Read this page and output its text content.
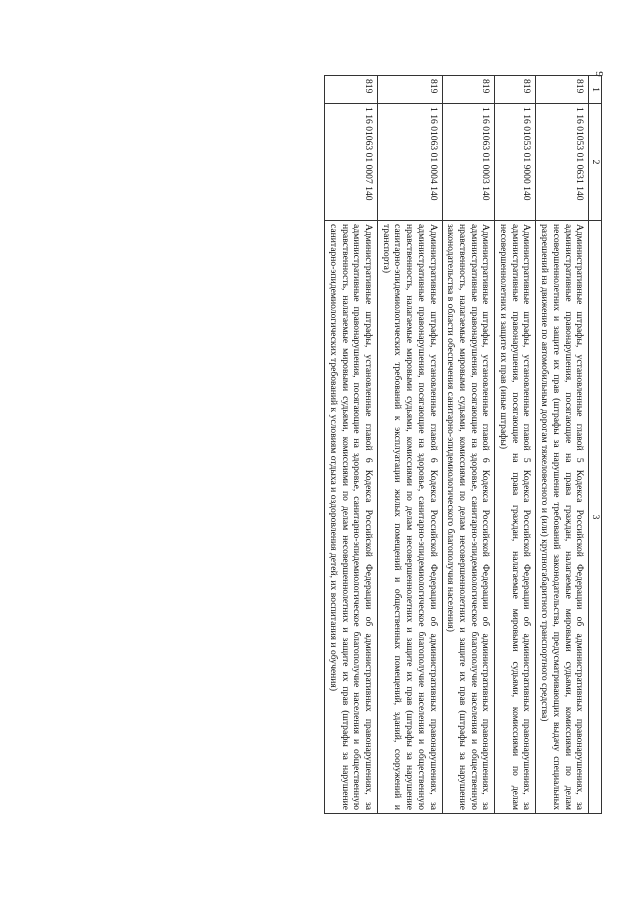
9
1	2	3
819	1 16 01053 01 0631 140	Административные штрафы, установленные главой 5 Кодекса Российской Федерации об административных правонарушениях, за административные правонарушения, посягающие на права граждан, налагаемые мировыми судьями, комиссиями по делам несовершеннолетних и защите их прав (штрафы за нарушение требований законодательства, предусматривающих выдачу специальных разрешений на движение по автомобильным дорогам тяжеловесного и (или) крупногабаритного транспортного средства)
819	1 16 01053 01 9000 140	Административные штрафы, установленные главой 5 Кодекса Российской Федерации об административных правонарушениях, за административные правонарушения, посягающие на права граждан, налагаемые мировыми судьями, комиссиями по делам несовершеннолетних и защите их прав (иные штрафы)
819	1 16 01063 01 0003 140	Административные штрафы, установленные главой 6 Кодекса Российской Федерации об административных правонарушениях, за административные правонарушения, посягающие на здоровье, санитарно-эпидемиологическое благополучие населения и общественную нравственность, налагаемые мировыми судьями, комиссиями по делам несовершеннолетних и защите их прав (штрафы за нарушение законодательства в области обеспечения санитарно-эпидемиологического благополучия населения)
819	1 16 01063 01 0004 140	Административные штрафы, установленные главой 6 Кодекса Российской Федерации об административных правонарушениях, за административные правонарушения, посягающие на здоровье, санитарно-эпидемиологическое благополучие населения и общественную нравственность, налагаемые мировыми судьями, комиссиями по делам несовершеннолетних и защите их прав (штрафы за нарушение санитарно-эпидемиологических требований к эксплуатации жилых помещений и общественных помещений, зданий, сооружений и транспорта)
819	1 16 01063 01 0007 140	Административные штрафы, установленные главой 6 Кодекса Российской Федерации об административных правонарушениях, за административные правонарушения, посягающие на здоровье, санитарно-эпидемиологическое благополучие населения и общественную нравственность, налагаемые мировыми судьями, комиссиями по делам несовершеннолетних и защите их прав (штрафы за нарушение санитарно-эпидемиологических требований к условиям отдыха и оздоровления детей, их воспитания и обучения)
